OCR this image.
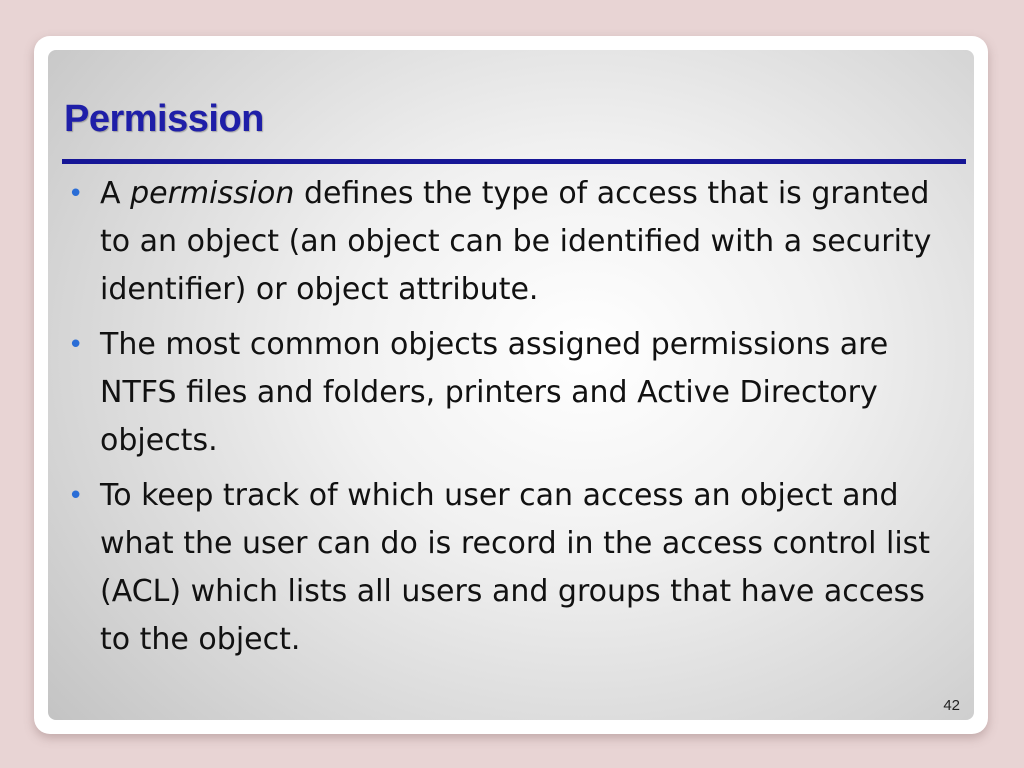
Permission
• A permission defines the type of access that is granted to an object (an object can be identified with a security identifier) or object attribute.
• The most common objects assigned permissions are NTFS files and folders, printers and Active Directory objects.
• To keep track of which user can access an object and what the user can do is record in the access control list (ACL) which lists all users and groups that have access to the object.
42
